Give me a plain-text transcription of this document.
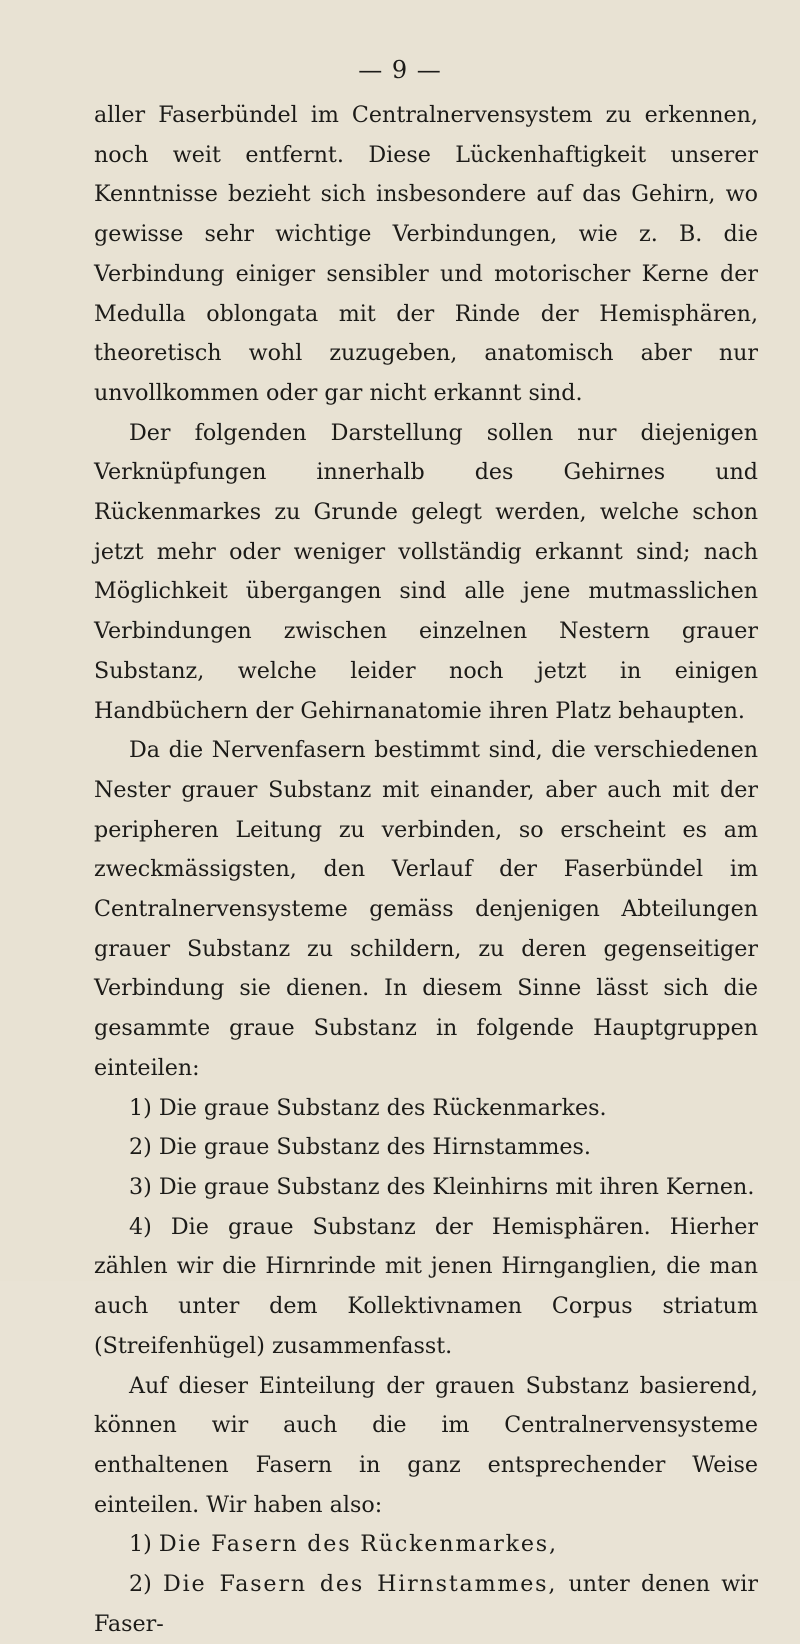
— 9 —

aller Faserbündel im Centralnervensystem zu erkennen, noch weit entfernt. Diese Lückenhaftigkeit unserer Kenntnisse bezieht sich insbesondere auf das Gehirn, wo gewisse sehr wichtige Verbindungen, wie z. B. die Verbindung einiger sensibler und motorischer Kerne der Medulla oblongata mit der Rinde der Hemisphären, theoretisch wohl zuzugeben, anatomisch aber nur unvollkommen oder gar nicht erkannt sind.

Der folgenden Darstellung sollen nur diejenigen Verknüpfungen innerhalb des Gehirnes und Rückenmarkes zu Grunde gelegt werden, welche schon jetzt mehr oder weniger vollständig erkannt sind; nach Möglichkeit übergangen sind alle jene mutmasslichen Verbindungen zwischen einzelnen Nestern grauer Substanz, welche leider noch jetzt in einigen Handbüchern der Gehirnanatomie ihren Platz behaupten.

Da die Nervenfasern bestimmt sind, die verschiedenen Nester grauer Substanz mit einander, aber auch mit der peripheren Leitung zu verbinden, so erscheint es am zweckmässigsten, den Verlauf der Faserbündel im Centralnervensysteme gemäss denjenigen Abteilungen grauer Substanz zu schildern, zu deren gegenseitiger Verbindung sie dienen. In diesem Sinne lässt sich die gesammte graue Substanz in folgende Hauptgruppen einteilen:

1) Die graue Substanz des Rückenmarkes.

2) Die graue Substanz des Hirnstammes.

3) Die graue Substanz des Kleinhirns mit ihren Kernen.

4) Die graue Substanz der Hemisphären. Hierher zählen wir die Hirnrinde mit jenen Hirnganglien, die man auch unter dem Kollektivnamen Corpus striatum (Streifenhügel) zusammenfasst.

Auf dieser Einteilung der grauen Substanz basierend, können wir auch die im Centralnervensysteme enthaltenen Fasern in ganz entsprechender Weise einteilen. Wir haben also:

1) Die Fasern des Rückenmarkes,

2) Die Fasern des Hirnstammes, unter denen wir Faser-
